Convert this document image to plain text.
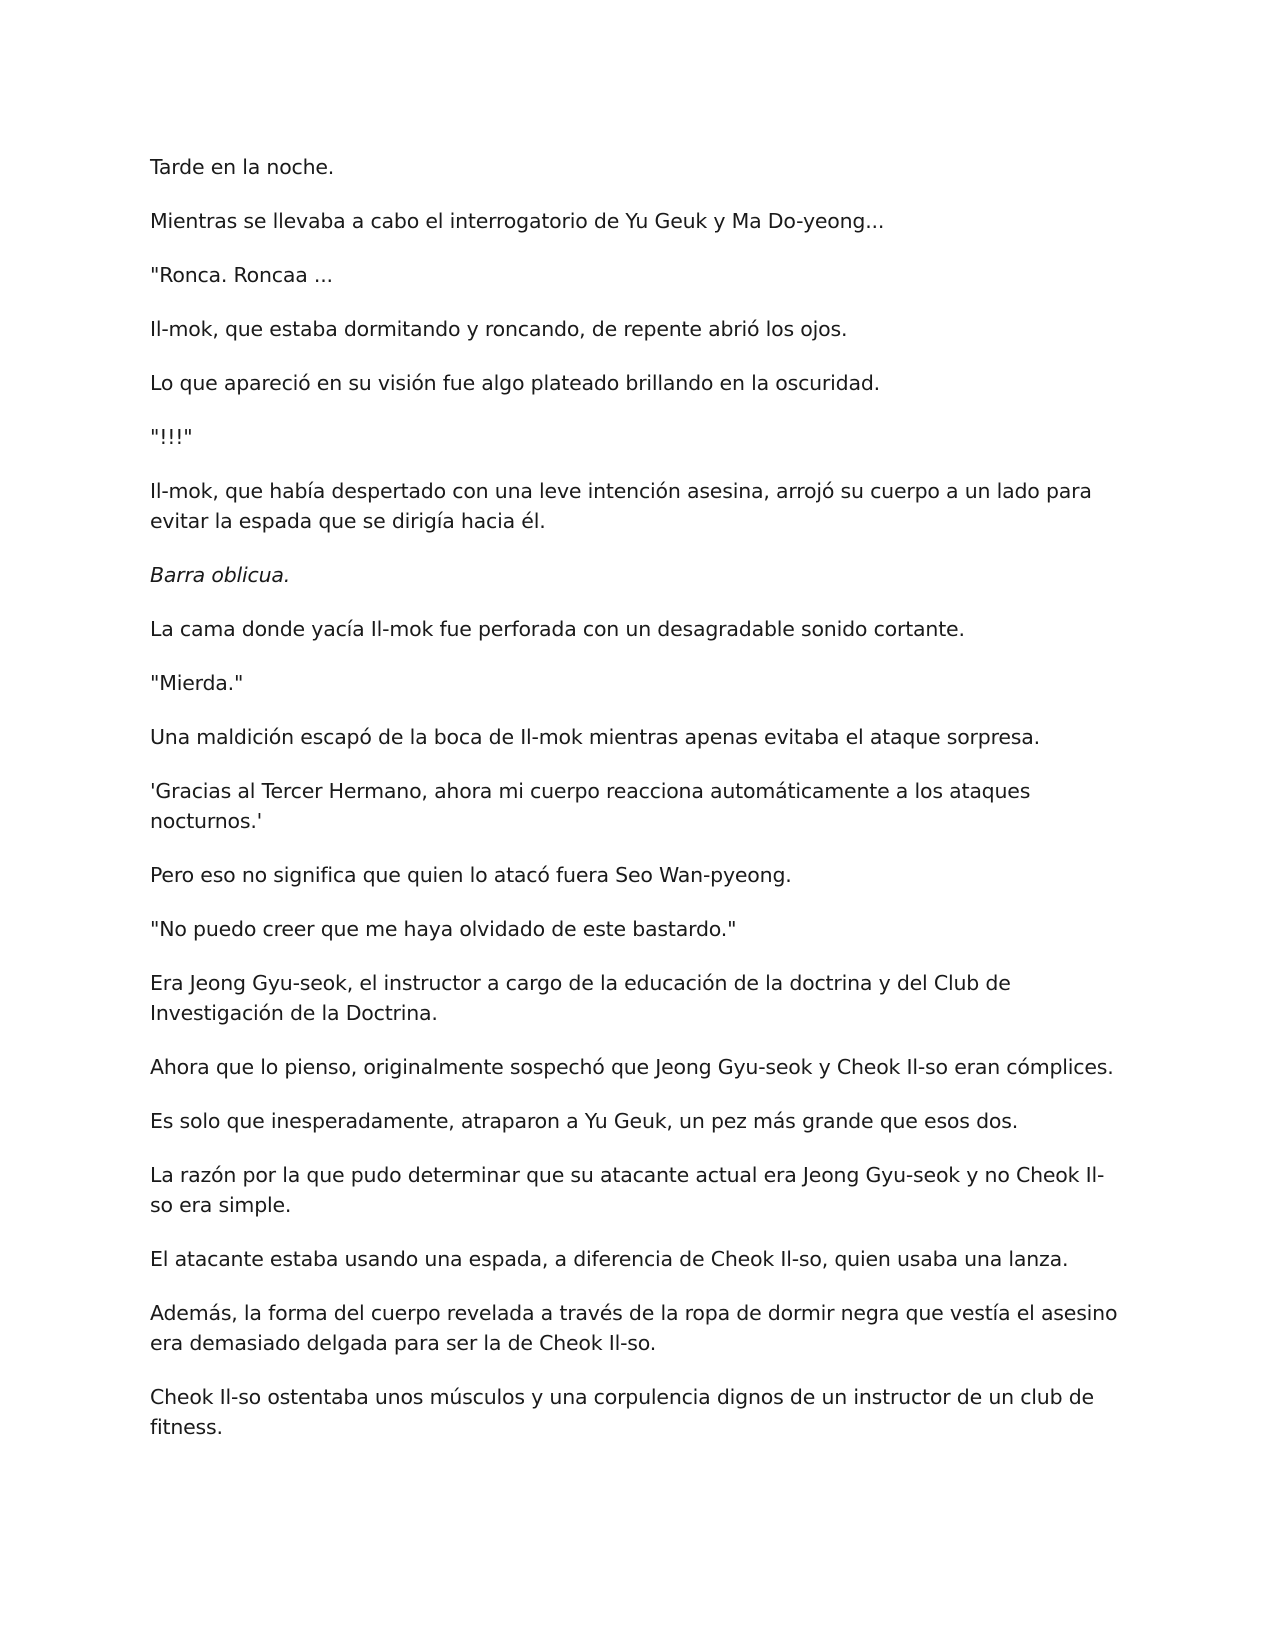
Tarde en la noche.

Mientras se llevaba a cabo el interrogatorio de Yu Geuk y Ma Do-yeong...

"Ronca. Roncaa ...

Il-mok, que estaba dormitando y roncando, de repente abrió los ojos.

Lo que apareció en su visión fue algo plateado brillando en la oscuridad.

"!!!"

Il-mok, que había despertado con una leve intención asesina, arrojó su cuerpo a un lado para evitar la espada que se dirigía hacia él.

Barra oblicua.

La cama donde yacía Il-mok fue perforada con un desagradable sonido cortante.

"Mierda."

Una maldición escapó de la boca de Il-mok mientras apenas evitaba el ataque sorpresa.

'Gracias al Tercer Hermano, ahora mi cuerpo reacciona automáticamente a los ataques nocturnos.'

Pero eso no significa que quien lo atacó fuera Seo Wan-pyeong.

"No puedo creer que me haya olvidado de este bastardo."

Era Jeong Gyu-seok, el instructor a cargo de la educación de la doctrina y del Club de Investigación de la Doctrina.

Ahora que lo pienso, originalmente sospechó que Jeong Gyu-seok y Cheok Il-so eran cómplices.

Es solo que inesperadamente, atraparon a Yu Geuk, un pez más grande que esos dos.

La razón por la que pudo determinar que su atacante actual era Jeong Gyu-seok y no Cheok Il-so era simple.

El atacante estaba usando una espada, a diferencia de Cheok Il-so, quien usaba una lanza.

Además, la forma del cuerpo revelada a través de la ropa de dormir negra que vestía el asesino era demasiado delgada para ser la de Cheok Il-so.

Cheok Il-so ostentaba unos músculos y una corpulencia dignos de un instructor de un club de fitness.
